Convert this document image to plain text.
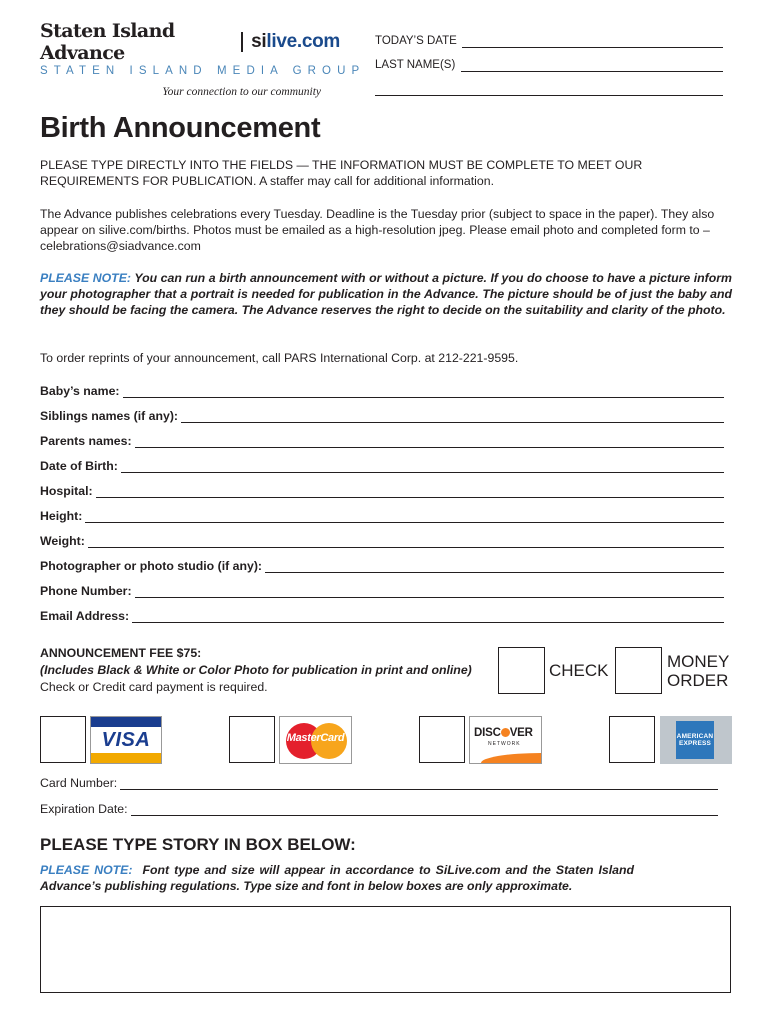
Staten Island Advance
silive.com
STATEN ISLAND MEDIA GROUP
Your connection to our community
TODAY’S DATE
LAST NAME(S)
Birth Announcement

PLEASE TYPE DIRECTLY INTO THE FIELDS — THE INFORMATION MUST BE COMPLETE TO MEET OUR REQUIREMENTS FOR PUBLICATION. A staffer may call for additional information.

The Advance publishes celebrations every Tuesday. Deadline is the Tuesday prior (subject to space in the paper). They also appear on silive.com/births. Photos must be emailed as a high-resolution jpeg. Please email photo and completed form to – celebrations@siadvance.com

PLEASE NOTE: You can run a birth announcement with or without a picture. If you do choose to have a picture inform your photographer that a portrait is needed for publication in the Advance. The picture should be of just the baby and they should be facing the camera. The Advance reserves the right to decide on the suitability and clarity of the photo.

To order reprints of your announcement, call PARS International Corp. at 212-221-9595.

Baby’s name:
Siblings names (if any):
Parents names:
Date of Birth:
Hospital:
Height:
Weight:
Photographer or photo studio (if any):
Phone Number:
Email Address:
ANNOUNCEMENT FEE $75:
(Includes Black & White or Color Photo for publication in print and online)
Check or Credit card payment is required.
CHECK	MONEY
ORDER
VISA	MasterCard	DISC VER
NETWORK
AMERICAN
EXPRESS
Card Number:
Expiration Date:
PLEASE TYPE STORY IN BOX BELOW:

PLEASE NOTE: Font type and size will appear in accordance to SiLive.com and the Staten Island Advance’s publishing regulations. Type size and font in below boxes are only approximate.
